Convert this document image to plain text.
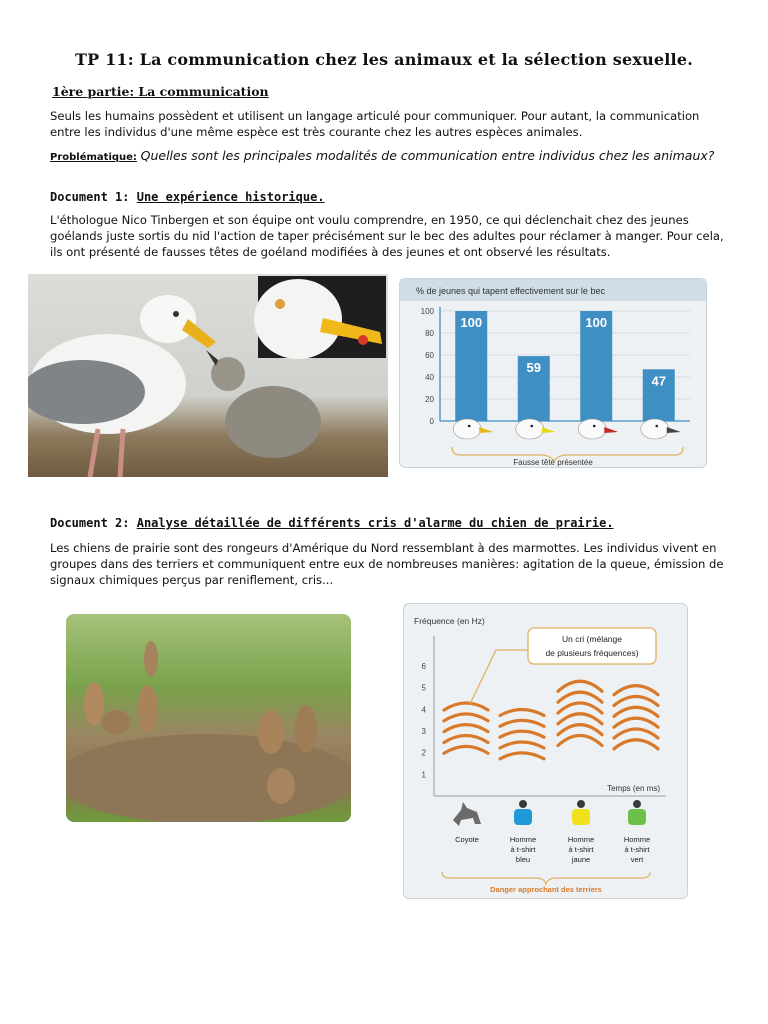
TP 11: La communication chez les animaux et la sélection sexuelle.
1ère partie: La communication
Seuls les humains possèdent et utilisent un langage articulé pour communiquer. Pour autant, la communication entre les individus d'une même espèce est très courante chez les autres espèces animales.
Problématique: Quelles sont les principales modalités de communication entre individus chez les animaux?
Document 1: Une expérience historique.
L'éthologue Nico Tinbergen et son équipe ont voulu comprendre, en 1950, ce qui déclenchait chez des jeunes goélands juste sortis du nid l'action de taper précisément sur le bec des adultes pour réclamer à manger. Pour cela, ils ont présenté de fausses têtes de goéland modifiées à des jeunes et ont observé les résultats.
% de jeunes qui tapent effectivement sur le bec
0
20
40
60
80
100
100
59
100
47
Fausse tête présentée
Document 2: Analyse détaillée de différents cris d'alarme du chien de prairie.
Les chiens de prairie sont des rongeurs d'Amérique du Nord ressemblant à des marmottes. Les individus vivent en groupes dans des terriers et communiquent entre eux de nombreuses manières: agitation de la queue, émission de signaux chimiques perçus par reniflement, cris...
Fréquence (en Hz)
1
2
3
4
5
6
Un cri (mélange
de plusieurs fréquences)
Temps (en ms)
Coyote	Homme
à t-shirt
bleu
Homme
à t-shirt
jaune
Homme
à t-shirt
vert
Danger approchant des terriers
